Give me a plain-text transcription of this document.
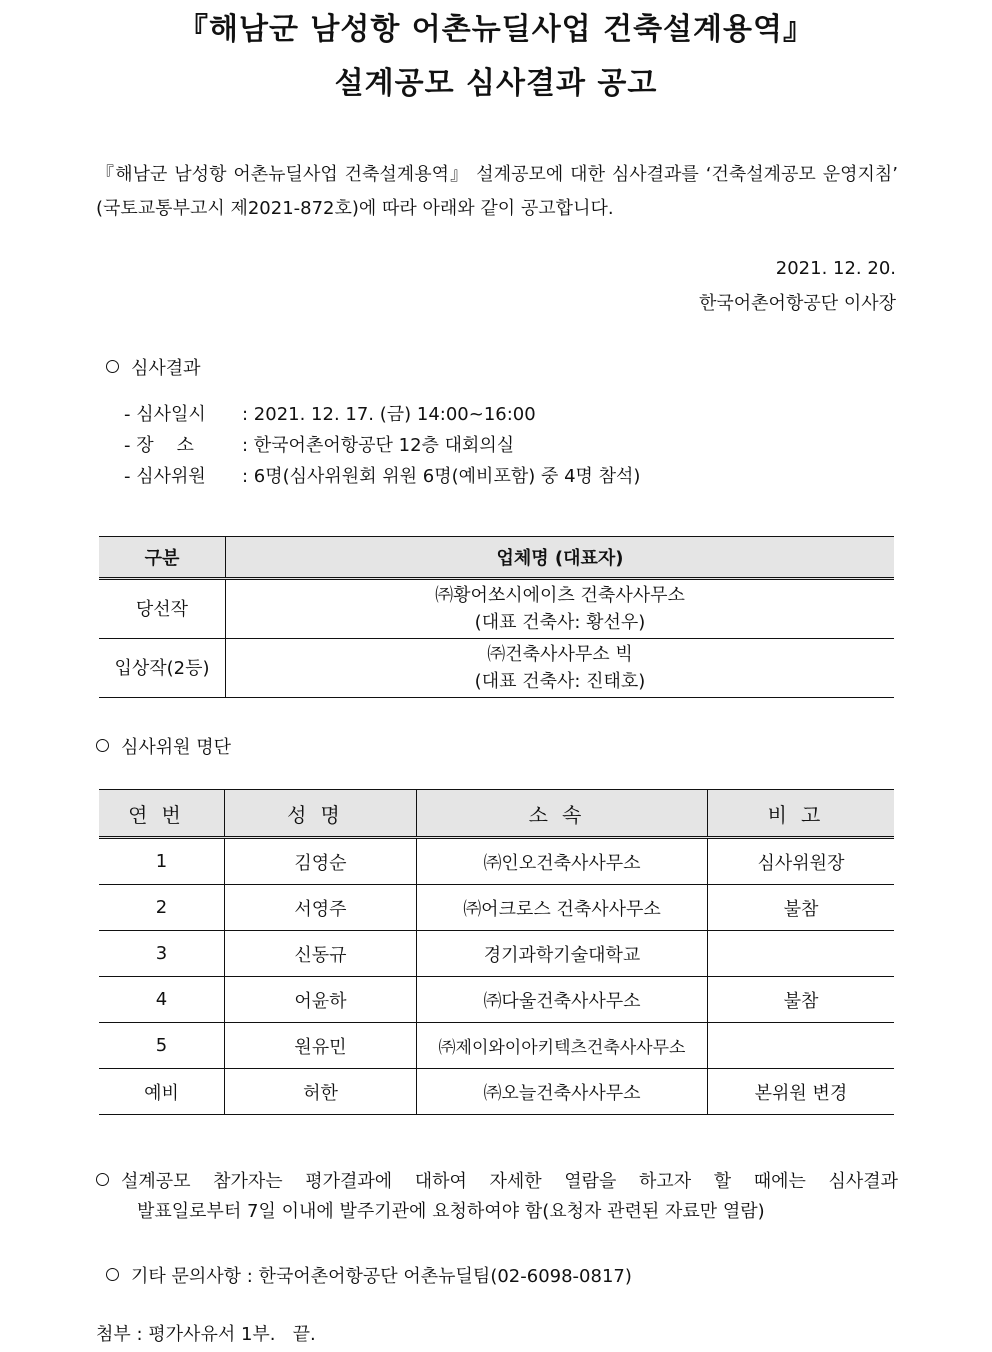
『해남군 남성항 어촌뉴딜사업 건축설계용역』
설계공모 심사결과 공고
『해남군 남성항 어촌뉴딜사업 건축설계용역』 설계공모에 대한 심사결과를 ‘건축설계공모 운영지침’
(국토교통부고시 제2021-872호)에 따라 아래와 같이 공고합니다.
2021. 12. 20.
한국어촌어항공단 이사장
심사결과
- 심사일시 : 2021. 12. 17. (금) 14:00~16:00
- 장    소	: 한국어촌어항공단 12층 대회의실
- 심사위원 : 6명(심사위원회 위원 6명(예비포함) 중 4명 참석)
구분	업체명 (대표자)
당선작	㈜황어쏘시에이츠 건축사사무소
(대표 건축사: 황선우)

입상작(2등)	㈜건축사사무소 빅
(대표 건축사: 진태호)
심사위원 명단
연번	성명	소속	비고
1	김영순	㈜인오건축사사무소	심사위원장
2	서영주	㈜어크로스 건축사사무소	불참
3	신동규	경기과학기술대학교	
4	어윤하	㈜다울건축사사무소	불참
5	원유민	㈜제이와이아키텍츠건축사사무소	
예비	허한	㈜오늘건축사사무소	본위원 변경
설계공모 참가자는 평가결과에 대하여 자세한 열람을 하고자 할 때에는 심사결과
발표일로부터 7일 이내에 발주기관에 요청하여야 함(요청자 관련된 자료만 열람)
기타 문의사항 : 한국어촌어항공단 어촌뉴딜팀(02-6098-0817)
첨부 : 평가사유서 1부.   끝.
